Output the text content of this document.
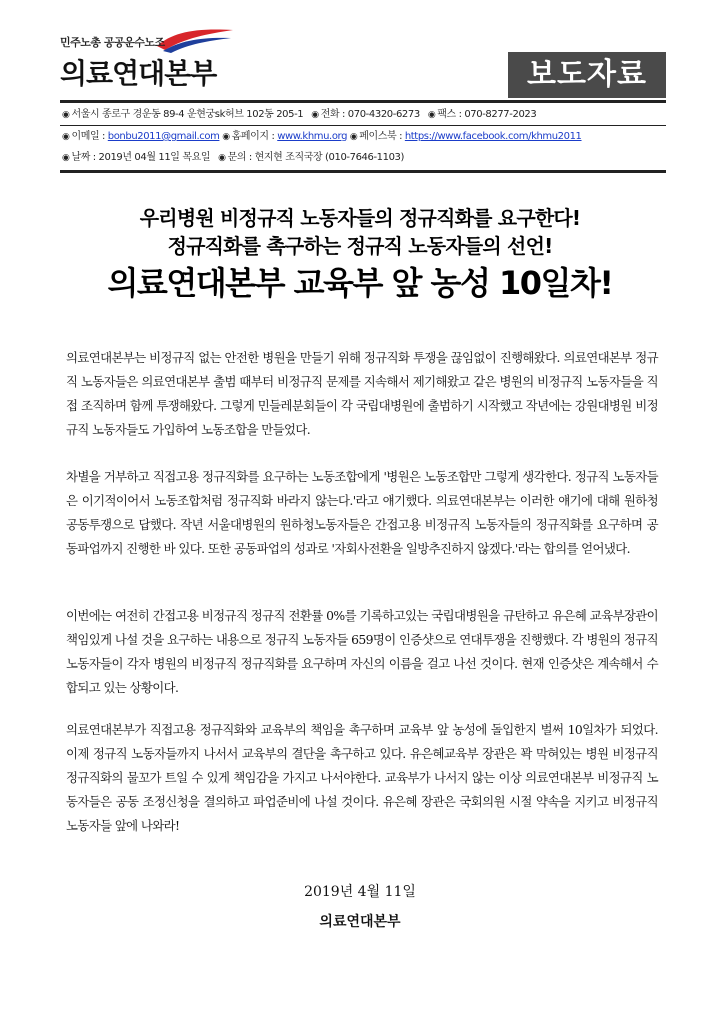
민주노총 공공운수노조
의료연대본부	보도자료
◉ 서울시 종로구 경운동 89-4 운현궁sk허브 102동 205-1 ◉ 전화 : 070-4320-6273 ◉ 팩스 : 070-8277-2023
◉ 이메일 : bonbu2011@gmail.com ◉ 홈페이지 : www.khmu.org ◉ 페이스북 : https://www.facebook.com/khmu2011
◉ 날짜 : 2019년 04월 11일 목요일 ◉ 문의 : 현지현 조직국장 (010-7646-1103)
우리병원 비정규직 노동자들의 정규직화를 요구한다!
정규직화를 촉구하는 정규직 노동자들의 선언!
의료연대본부 교육부 앞 농성 10일차!
의료연대본부는 비정규직 없는 안전한 병원을 만들기 위해 정규직화 투쟁을 끊임없이 진행해왔다. 의료연대본부 정규직 노동자들은 의료연대본부 출범 때부터 비정규직 문제를 지속해서 제기해왔고 같은 병원의 비정규직 노동자들을 직접 조직하며 함께 투쟁해왔다. 그렇게 민들레분회들이 각 국립대병원에 출범하기 시작했고 작년에는 강원대병원 비정규직 노동자들도 가입하여 노동조합을 만들었다.
차별을 거부하고 직접고용 정규직화를 요구하는 노동조합에게 '병원은 노동조합만 그렇게 생각한다. 정규직 노동자들은 이기적이어서 노동조합처럼 정규직화 바라지 않는다.'라고 얘기했다. 의료연대본부는 이러한 얘기에 대해 원하청 공동투쟁으로 답했다. 작년 서울대병원의 원하청노동자들은 간접고용 비정규직 노동자들의 정규직화를 요구하며 공동파업까지 진행한 바 있다. 또한 공동파업의 성과로 '자회사전환을 일방추진하지 않겠다.'라는 합의를 얻어냈다.
이번에는 여전히 간접고용 비정규직 정규직 전환률 0%를 기록하고있는 국립대병원을 규탄하고 유은혜 교육부장관이 책임있게 나설 것을 요구하는 내용으로 정규직 노동자들 659명이 인증샷으로 연대투쟁을 진행했다. 각 병원의 정규직 노동자들이 각자 병원의 비정규직 정규직화를 요구하며 자신의 이름을 걸고 나선 것이다. 현재 인증샷은 계속해서 수합되고 있는 상황이다.
의료연대본부가 직접고용 정규직화와 교육부의 책임을 촉구하며 교육부 앞 농성에 돌입한지 벌써 10일차가 되었다. 이제 정규직 노동자들까지 나서서 교육부의 결단을 촉구하고 있다. 유은혜교육부 장관은 꽉 막혀있는 병원 비정규직 정규직화의 물꼬가 트일 수 있게 책임감을 가지고 나서야한다. 교육부가 나서지 않는 이상 의료연대본부 비정규직 노동자들은 공동 조정신청을 결의하고 파업준비에 나설 것이다. 유은혜 장관은 국회의원 시절 약속을 지키고 비정규직 노동자들 앞에 나와라!
2019년 4월 11일
의료연대본부
